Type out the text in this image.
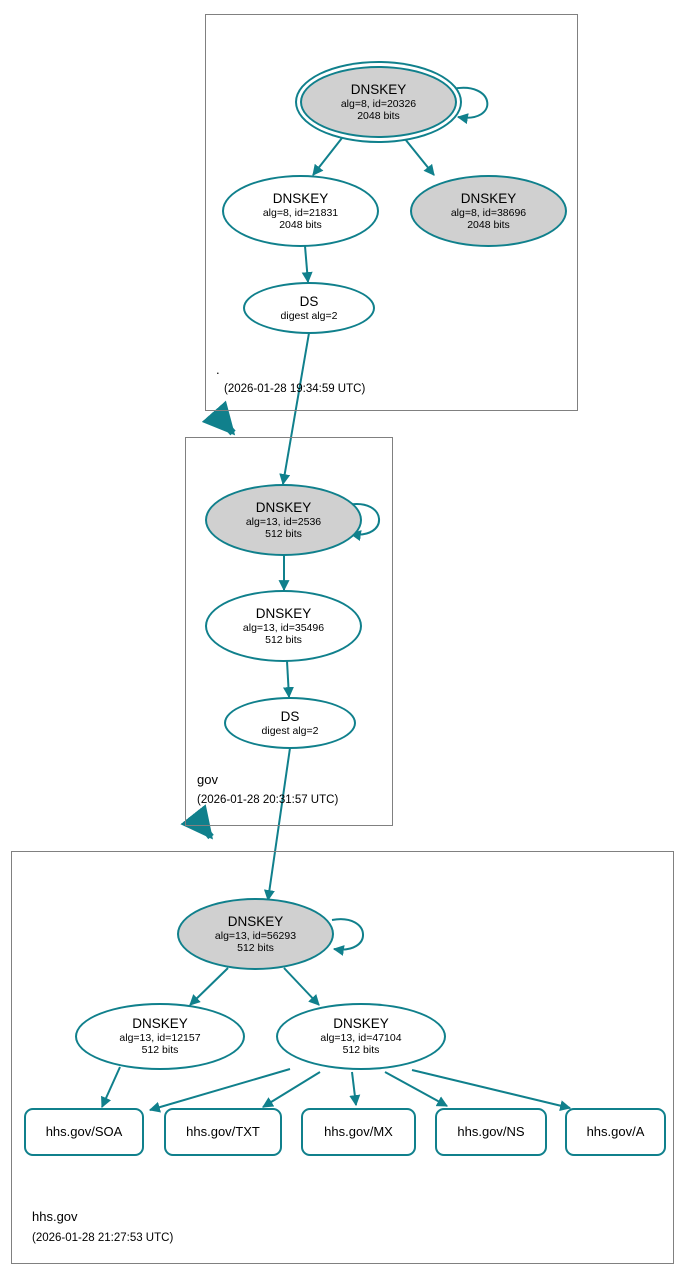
.
(2026-01-28 19:34:59 UTC)
gov
(2026-01-28 20:31:57 UTC)
hhs.gov
(2026-01-28 21:27:53 UTC)
DNSKEY
alg=8, id=20326
2048 bits
DNSKEY
alg=8, id=21831
2048 bits
DNSKEY
alg=8, id=38696
2048 bits
DS
digest alg=2
DNSKEY
alg=13, id=2536
512 bits
DNSKEY
alg=13, id=35496
512 bits
DS
digest alg=2
DNSKEY
alg=13, id=56293
512 bits
DNSKEY
alg=13, id=12157
512 bits
DNSKEY
alg=13, id=47104
512 bits
hhs.gov/SOA	hhs.gov/TXT	hhs.gov/MX	hhs.gov/NS	hhs.gov/A
